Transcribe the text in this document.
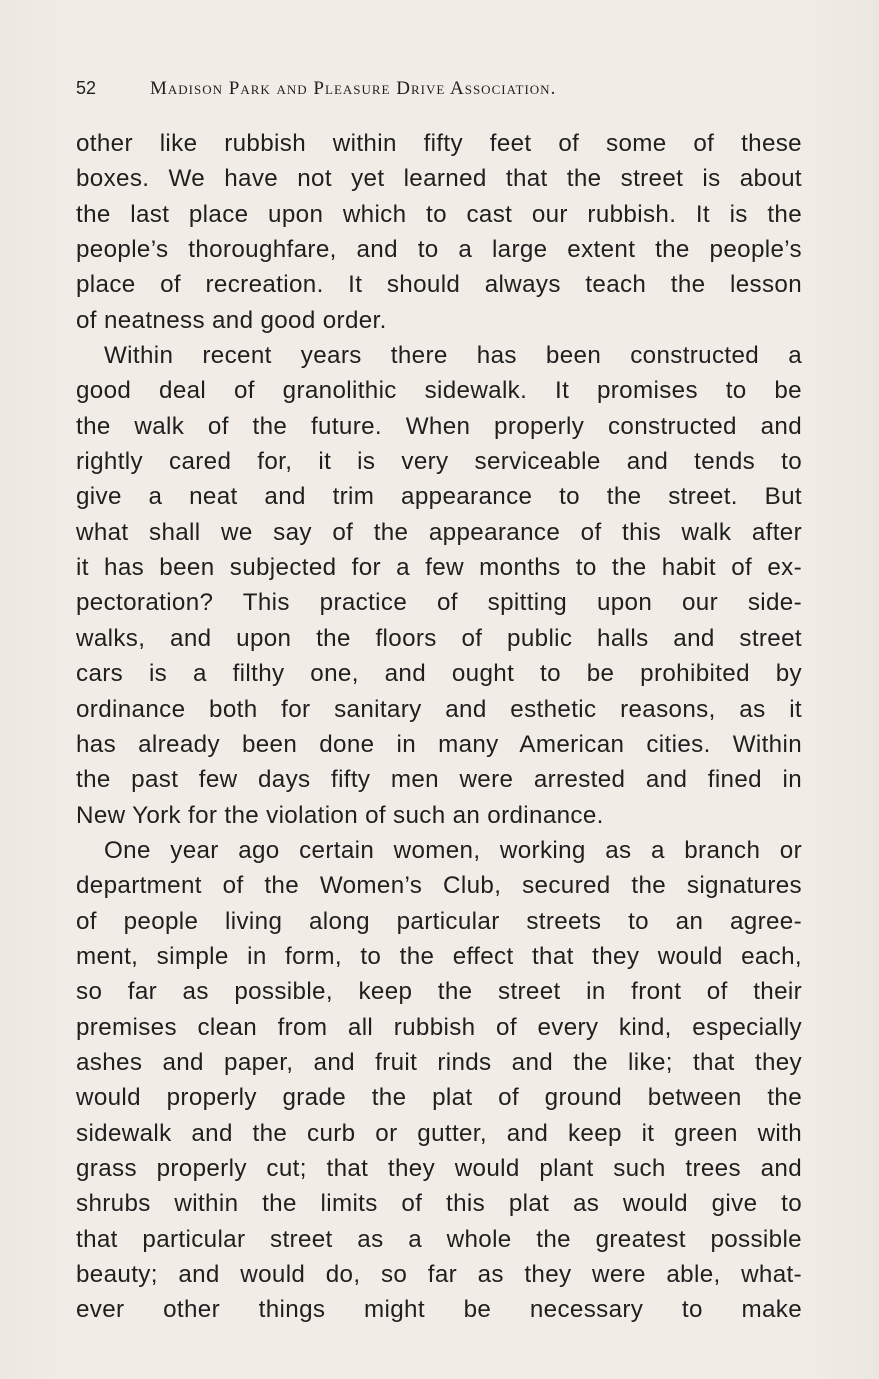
52	Madison Park and Pleasure Drive Association.
other like rubbish within fifty feet of some of these
boxes. We have not yet learned that the street is about
the last place upon which to cast our rubbish. It is the
people’s thoroughfare, and to a large extent the people’s
place of recreation. It should always teach the lesson
of neatness and good order.
Within recent years there has been constructed a
good deal of granolithic sidewalk. It promises to be
the walk of the future. When properly constructed and
rightly cared for, it is very serviceable and tends to
give a neat and trim appearance to the street. But
what shall we say of the appearance of this walk after
it has been subjected for a few months to the habit of ex-
pectoration? This practice of spitting upon our side-
walks, and upon the floors of public halls and street
cars is a filthy one, and ought to be prohibited by
ordinance both for sanitary and esthetic reasons, as it
has already been done in many American cities. Within
the past few days fifty men were arrested and fined in
New York for the violation of such an ordinance.
One year ago certain women, working as a branch or
department of the Women’s Club, secured the signatures
of people living along particular streets to an agree-
ment, simple in form, to the effect that they would each,
so far as possible, keep the street in front of their
premises clean from all rubbish of every kind, especially
ashes and paper, and fruit rinds and the like; that they
would properly grade the plat of ground between the
sidewalk and the curb or gutter, and keep it green with
grass properly cut; that they would plant such trees and
shrubs within the limits of this plat as would give to
that particular street as a whole the greatest possible
beauty; and would do, so far as they were able, what-
ever other things might be necessary to make
